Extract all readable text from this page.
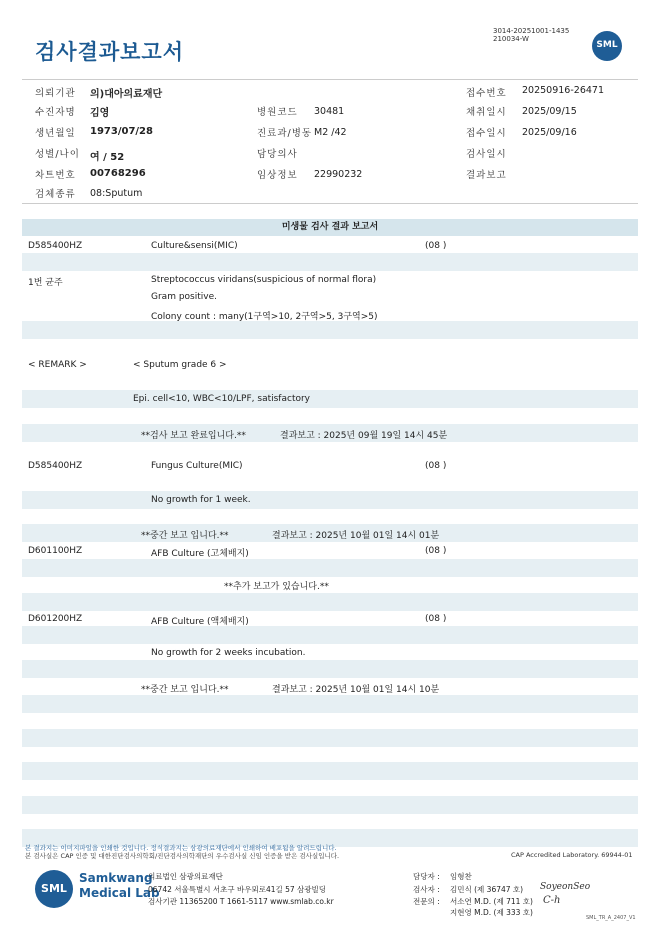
3014-20251001-1435
210034-W
검사결과보고서	SML
의뢰기관 의)대아의료재단	접수번호 20250916-26471
수진자명 김영	병원코드 30481	채취일시 2025/09/15
생년월일 1973/07/28	진료과/병동 M2 /42	접수일시 2025/09/16
성별/나이 여 / 52	담당의사	검사일시
차트번호 00768296	임상정보 22990232	결과보고
검체종류 08:Sputum
미생물 검사 결과 보고서
D585400HZ	Culture&sensi(MIC)	(08 )
1번 균주	Streptococcus viridans(suspicious of normal flora)
Gram positive.
Colony count : many(1구역>10, 2구역>5, 3구역>5)
< REMARK >	< Sputum grade 6 >
Epi. cell<10, WBC<10/LPF, satisfactory
**검사 보고 완료입니다.**	결과보고 : 2025년 09월 19일 14시 45분
D585400HZ	Fungus Culture(MIC)	(08 )
No growth for 1 week.
**중간 보고 입니다.**	결과보고 : 2025년 10월 01일 14시 01분
D601100HZ	AFB Culture (고체배지)	(08 )
**추가 보고가 있습니다.**
D601200HZ	AFB Culture (액체배지)	(08 )
No growth for 2 weeks incubation.
**중간 보고 입니다.**	결과보고 : 2025년 10월 01일 14시 10분
본 결과지는 이미지파일을 인쇄한 것입니다. 정식결과지는 삼광의료재단에서 인쇄하여 배포됨을 알려드립니다.
본 검사실은 CAP 인증 및 대한진단검사의학회/진단검사의학재단의 우수검사실 신임 인증을 받은 검사실입니다.	CAP Accredited Laboratory. 69944-01
SML
Samkwang
Medical Lab
의료법인 삼광의료재단
06742 서울특별시 서초구 바우뫼로41길 57 삼광빌딩
검사기관 11365200 T 1661-5117 www.smlab.co.kr
담당자 : 임형찬
검사자 : 김민식 (제 36747 호)
전문의 : 서소연 M.D. (제 711 호)
지현영 M.D. (제 333 호)
SoyeonSeo
C-h
SML_TR_A_2407_V1
